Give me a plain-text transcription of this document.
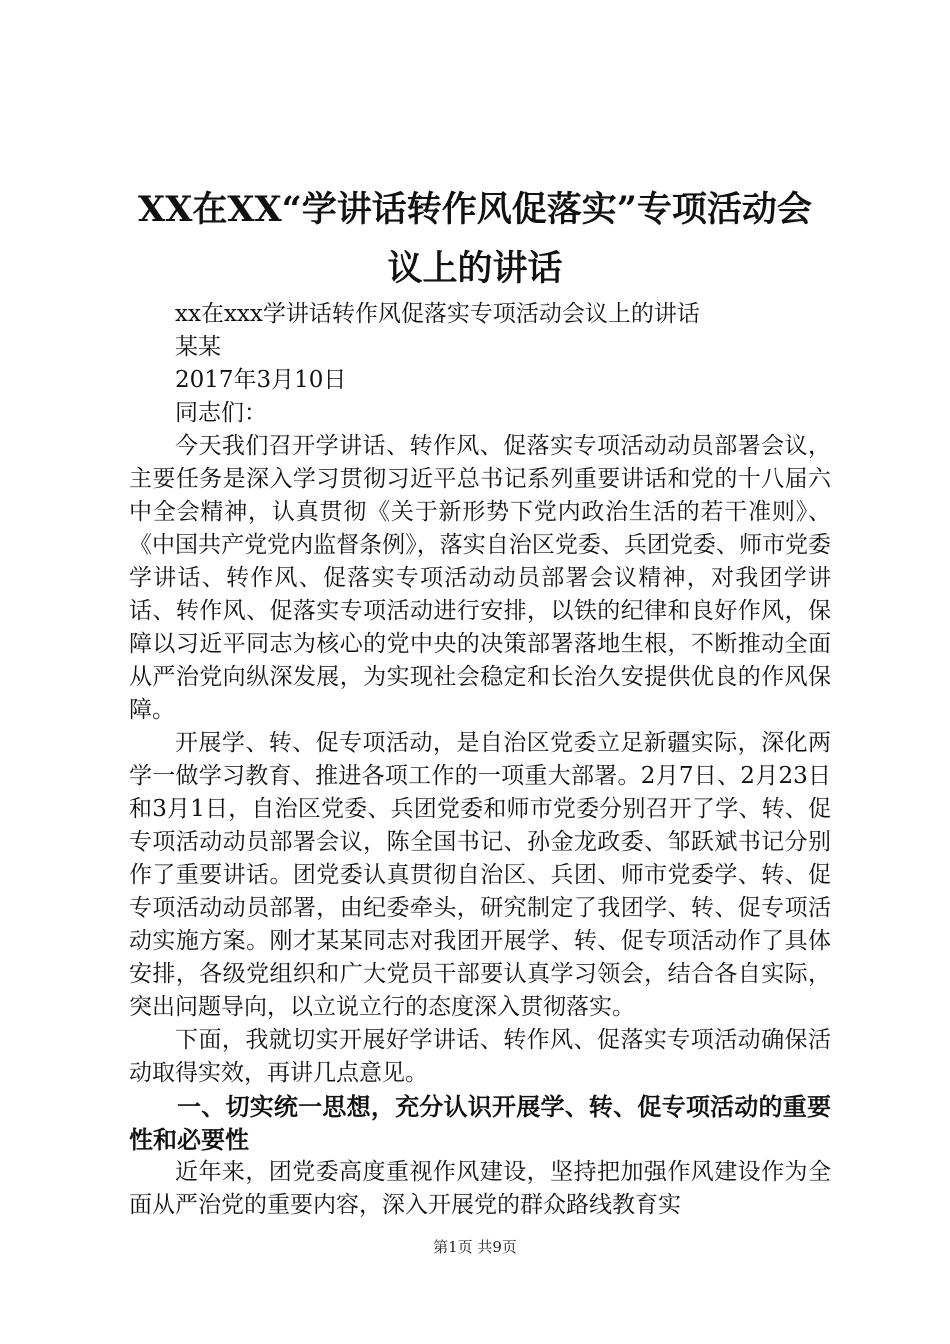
XX在XX“学讲话转作风促落实”专项活动会
议上的讲话

xx在xxx学讲话转作风促落实专项活动会议上的讲话

某某

2017年3月10日

同志们：

今天我们召开学讲话、转作风、促落实专项活动动员部署会议，主要任务是深入学习贯彻习近平总书记系列重要讲话和党的十八届六中全会精神，认真贯彻《关于新形势下党内政治生活的若干准则》、《中国共产党党内监督条例》，落实自治区党委、兵团党委、师市党委学讲话、转作风、促落实专项活动动员部署会议精神，对我团学讲话、转作风、促落实专项活动进行安排，以铁的纪律和良好作风，保障以习近平同志为核心的党中央的决策部署落地生根，不断推动全面从严治党向纵深发展，为实现社会稳定和长治久安提供优良的作风保障。

开展学、转、促专项活动，是自治区党委立足新疆实际，深化两学一做学习教育、推进各项工作的一项重大部署。2月7日、2月23日和3月1日，自治区党委、兵团党委和师市党委分别召开了学、转、促专项活动动员部署会议，陈全国书记、孙金龙政委、邹跃斌书记分别作了重要讲话。团党委认真贯彻自治区、兵团、师市党委学、转、促专项活动动员部署，由纪委牵头，研究制定了我团学、转、促专项活动实施方案。刚才某某同志对我团开展学、转、促专项活动作了具体安排，各级党组织和广大党员干部要认真学习领会，结合各自实际，突出问题导向，以立说立行的态度深入贯彻落实。

下面，我就切实开展好学讲话、转作风、促落实专项活动确保活动取得实效，再讲几点意见。

一、切实统一思想，充分认识开展学、转、促专项活动的重要性和必要性

近年来，团党委高度重视作风建设，坚持把加强作风建设作为全面从严治党的重要内容，深入开展党的群众路线教育实

第1页 共9页
